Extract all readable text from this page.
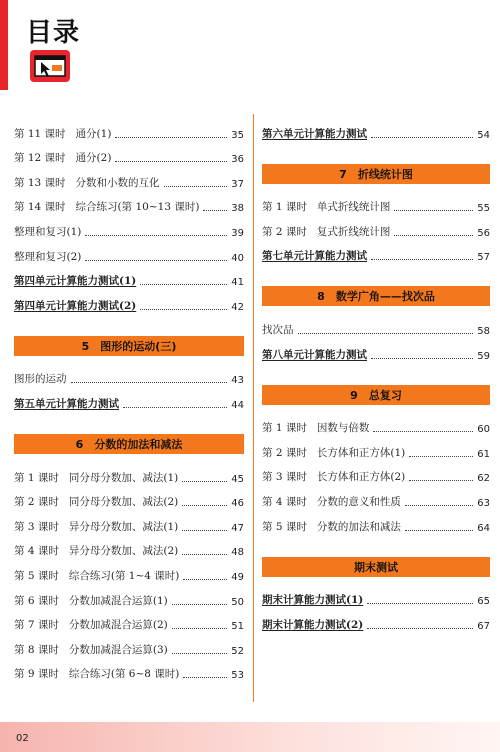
目录
第 11 课时 通分(1)	35
第 12 课时 通分(2)	36
第 13 课时 分数和小数的互化	37
第 14 课时 综合练习(第 10~13 课时)	38
整理和复习(1)	39
整理和复习(2)	40
第四单元计算能力测试(1)	41
第四单元计算能力测试(2)	42
5　图形的运动(三)
图形的运动	43
第五单元计算能力测试	44
6　分数的加法和减法
第 1 课时 同分母分数加、减法(1)	45
第 2 课时 同分母分数加、减法(2)	46
第 3 课时 异分母分数加、减法(1)	47
第 4 课时 异分母分数加、减法(2)	48
第 5 课时 综合练习(第 1~4 课时)	49
第 6 课时 分数加减混合运算(1)	50
第 7 课时 分数加减混合运算(2)	51
第 8 课时 分数加减混合运算(3)	52
第 9 课时 综合练习(第 6~8 课时)	53
第六单元计算能力测试	54
7　折线统计图
第 1 课时 单式折线统计图	55
第 2 课时 复式折线统计图	56
第七单元计算能力测试	57
8　数学广角——找次品
找次品	58
第八单元计算能力测试	59
9　总复习
第 1 课时 因数与倍数	60
第 2 课时 长方体和正方体(1)	61
第 3 课时 长方体和正方体(2)	62
第 4 课时 分数的意义和性质	63
第 5 课时 分数的加法和减法	64
期末测试
期末计算能力测试(1)	65
期末计算能力测试(2)	67
02
